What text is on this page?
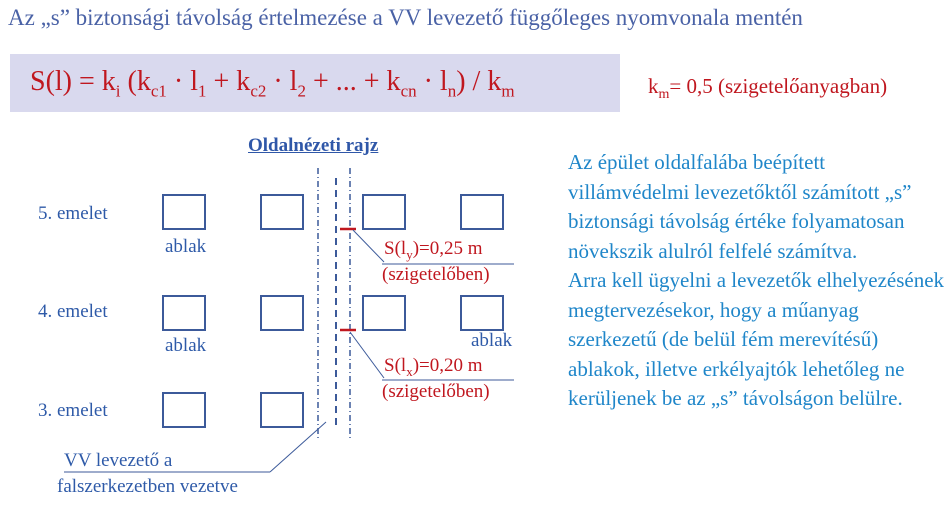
Az „s” biztonsági távolság értelmezése a VV levezető függőleges nyomvonala mentén
$S(l) = k_i$ ($k_{c1} \cdot l_1 + k_{c2} \cdot l_2$ + ... + $k_{cn} \cdot l_n) / k_m$	$k_m= 0,5$ (szigetelőanyagban)
Oldalnézeti rajz
5. emelet
4. emelet
3. emelet
ablak
ablak	ablak
$S(l_y)=0,25$ m
(szigetelőben)
$S(l_x)=0,20$ m
(szigetelőben)
VV levezető a
falszerkezetben vezetve

Az épület oldalfalába beépített villámvédelmi levezetőktől számított „s” biztonsági távolság értéke folyamatosan növekszik alulról felfelé számítva.

Arra kell ügyelni a levezetők elhelyezésének megtervezésekor, hogy a műanyag szerkezetű (de belül fém merevítésű) ablakok, illetve erkélyajtók lehetőleg ne kerüljenek be az „s” távolságon belülre.
